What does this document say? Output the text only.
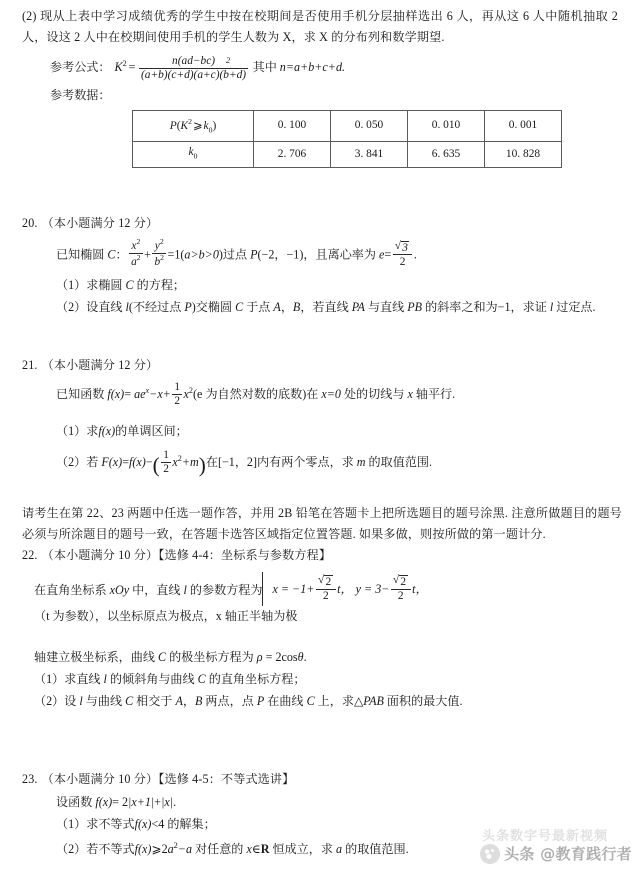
(2) 现从上表中学习成绩优秀的学生中按在校期间是否使用手机分层抽样选出 6 人，再从这 6 人中随机抽取 2 人，设这 2 人中在校期间使用手机的学生人数为 X，求 X 的分布列和数学期望.
参考公式： $K^2 = \frac{n(ad-bc)}{(a+b)(c+d)(a+c)(b+d)}$ 其中 n=a+b+c+d.
2
参考数据：
$P(K^2⩾k_0)$	0. 100	0. 050	0. 010	0. 001
$k_0$	2. 706	3. 841	6. 635	10. 828
20. （本小题满分 12 分）
已知椭圆 C： $\frac{x^2}{a^2} + \frac{y^2}{b^2} =1(a>b>0)$过点 P(−2，−1)，且离心率为 e= √ $\frac{3}{2}$ .
（1）求椭圆 C 的方程；
（2）设直线 l(不经过点 P)交椭圆 C 于点 A，B，若直线 PA 与直线 PB 的斜率之和为−1，求证 l 过定点.
21. （本小题满分 12 分）
已知函数 $f(x)= ae^x-x+ \frac{1}{2} x^2(e$ 为自然对数的底数)在 x=0 处的切线与 x 轴平行.
（1）求f(x)的单调区间；
（2）若 $F(x)=f(x)-( \frac{1}{2} x^2+m)$在[−1，2]内有两个零点，求 m 的取值范围.
请考生在第 22、23 两题中任选一题作答，并用 2B 铅笔在答题卡上把所选题目的题号涂黑. 注意所做题目的题号必须与所涂题目的题号一致，在答题卡选答区域指定位置答题. 如果多做，则按所做的第一题计分.
22. （本小题满分 10 分）【选修 4-4：坐标系与参数方程】
在直角坐标系 xOy 中，直线 l 的参数方程为 x = −1+ √ $\frac{2}{2}$ t， y = 3− √ $\frac{2}{2}$ t，
（t 为参数），以坐标原点为极点，x 轴正半轴为极
轴建立极坐标系，曲线 C 的极坐标方程为 ρ = 2cosθ.
（1）求直线 l 的倾斜角与曲线 C 的直角坐标方程；
（2）设 l 与曲线 C 相交于 A，B 两点，点 P 在曲线 C 上，求△PAB 面积的最大值.
23. （本小题满分 10 分）【选修 4-5：不等式选讲】
设函数 f(x)= 2|x+1|+|x|.
（1）求不等式f(x)<4 的解集；
（2）若不等式$f(x)⩾2a^2-a$ 对任意的 x∈R 恒成立，求 a 的取值范围.
头条数字号最新视频
头条 @教育践行者
